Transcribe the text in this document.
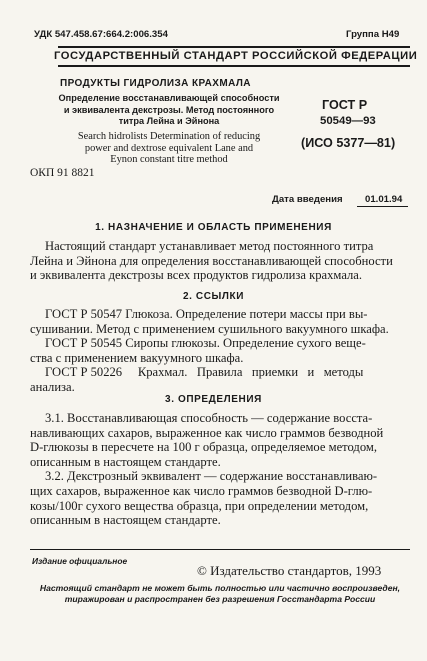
УДК 547.458.67:664.2:006.354	Группа Н49
ГОСУДАРСТВЕННЫЙ СТАНДАРТ РОССИЙСКОЙ ФЕДЕРАЦИИ
ПРОДУКТЫ ГИДРОЛИЗА КРАХМАЛА
Определение восстанавливающей способности
и эквивалента декстрозы. Метод постоянного
титра Лейна и Эйнона
Search hidrolists Determination of reducing
power and dextrose equivalent Lane and
Eynon constant titre method
ГОСТ Р
50549—93
(ИСО 5377—81)
ОКП 91 8821
Дата введения 01.01.94
1. НАЗНАЧЕНИЕ И ОБЛАСТЬ ПРИМЕНЕНИЯ
Настоящий стандарт устанавливает метод постоянного титра
Лейна и Эйнона для определения восстанавливающей способности
и эквивалента декстрозы всех продуктов гидролиза крахмала.
2. ССЫЛКИ
ГОСТ Р 50547 Глюкоза. Определение потери массы при вы-
сушивании. Метод с применением сушильного вакуумного шкафа.
ГОСТ Р 50545 Сиропы глюкозы. Определение сухого веще-
ства с применением вакуумного шкафа.
ГОСТ Р 50226     Крахмал.   Правила   приемки   и   методы
анализа.
3. ОПРЕДЕЛЕНИЯ
3.1. Восстанавливающая способность — содержание восста-
навливающих сахаров, выраженное как число граммов безводной
D-глюкозы в пересчете на 100 г образца, определяемое методом,
описанным в настоящем стандарте.
3.2. Декстрозный эквивалент — содержание восстанавливаю-
щих сахаров, выраженное как число граммов безводной D-глю-
козы/100г сухого вещества образца, при определении методом,
описанным в настоящем стандарте.
Издание официальное
© Издательство стандартов, 1993
Настоящий стандарт не может быть полностью или частично воспроизведен,
тиражирован и распространен без разрешения Госстандарта России
